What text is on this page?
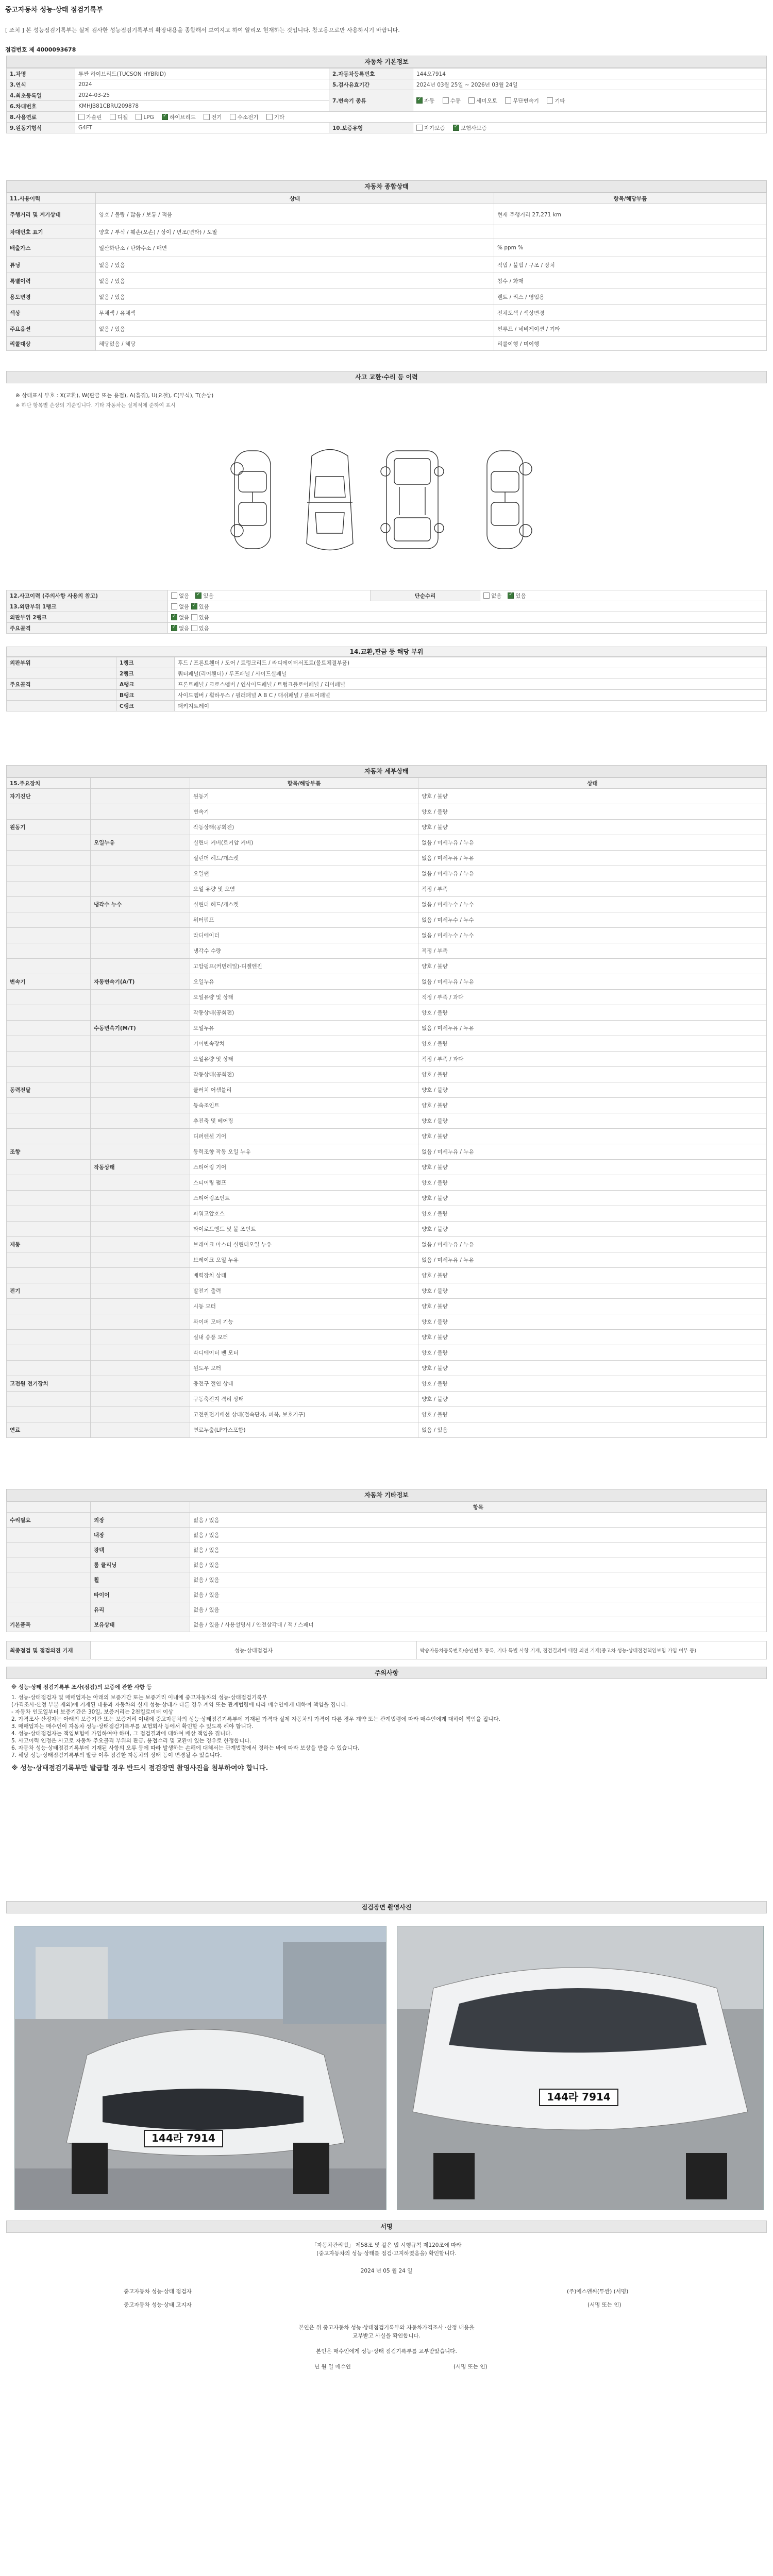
중고자동차 성능·상태 점검기록부
[ 조치 ] 본 성능점검기록부는 실제 검사한 성능점검기록부의 확장내용을 종합해서 보여지고 하여 알리오 현재하는 것입니다. 참고용으로만 사용하시기 바랍니다.
점검번호 제 4000093678
자동차 기본정보
1.차명	투싼 하이브리드(TUCSON HYBRID)	2.자동차등록번호	144오7914
3.연식	2024	5.검사유효기간	2024년 03월 25일 ~ 2026년 03월 24일
4.최초등록일	2024-03-25	7.변속기 종류	✓자동 수동 세미오토 무단변속기 기타
6.차대번호	KMHJB81CBRU209878		
8.사용연료	가솔린 디젤 LPG ✓ 하이브리드 전기 수소전기 기타
9.원동기형식	G4FT	10.보증유형	자가보증 ✓ 보험사보증
자동차 종합상태
11.사용이력	상태	항목/해당부품
주행거리 및 계기상태	양호 / 불량 / 많음 / 보통 / 적음	현재 주행거리 27,271 km
차대번호 표기	양호 / 부식 / 훼손(오손) / 상이 / 변조(변타) / 도말	
배출가스	일산화탄소 / 탄화수소 / 매연	% ppm %
튜닝	없음 / 있음	적법 / 불법 / 구조 / 장치
특별이력	없음 / 있음	침수 / 화재
용도변경	없음 / 있음	렌트 / 리스 / 영업용
색상	무채색 / 유채색	전체도색 / 색상변경
주요옵션	없음 / 있음	썬루프 / 네비게이션 / 기타
리콜대상	해당없음 / 해당	리콜이행 / 미이행
사고 교환·수리 등 이력
※ 상태표시 부호 : X(교환), W(판금 또는 용접), A(흠집), U(요철), C(부식), T(손상)
※ 하단 항목별 손상의 기준입니다. 기타 자동차는 실제적에 준하여 표시
12.사고이력 (주의사항 사용의 참고)	없음 ✓ 있음	단순수리	없음 ✓ 있음
13.외판부위 1랭크	없음 ✓있음
외판부위 2랭크	✓없음 있음
주요골격	✓없음 있음
14.교환,판금 등 해당 부위
외판부위	1랭크	후드 / 프론트휀더 / 도어 / 트렁크리드 / 라디에이터서포트(볼트체결부품)
	2랭크	쿼터패널(리어휀더) / 루프패널 / 사이드실패널
주요골격	A랭크	프론트패널 / 크로스멤버 / 인사이드패널 / 트렁크플로어패널 / 리어패널
	B랭크	사이드멤버 / 휠하우스 / 필러패널 A B C / 대쉬패널 / 플로어패널
	C랭크	패키지트레이
자동차 세부상태
15.주요장치		항목/해당부품	상태
자기진단		원동기	양호 / 불량
		변속기	양호 / 불량
원동기		작동상태(공회전)	양호 / 불량
	오일누유	실린더 커버(로커암 커버)	없음 / 미세누유 / 누유
		실린더 헤드/개스켓	없음 / 미세누유 / 누유
		오일팬	없음 / 미세누유 / 누유
		오일 유량 및 오염	적정 / 부족
	냉각수 누수	실린더 헤드/개스켓	없음 / 미세누수 / 누수
		워터펌프	없음 / 미세누수 / 누수
		라디에이터	없음 / 미세누수 / 누수
		냉각수 수량	적정 / 부족
		고압펌프(커먼레일)-디젤엔진	양호 / 불량
변속기	자동변속기(A/T)	오일누유	없음 / 미세누유 / 누유
		오일유량 및 상태	적정 / 부족 / 과다
		작동상태(공회전)	양호 / 불량
	수동변속기(M/T)	오일누유	없음 / 미세누유 / 누유
		기어변속장치	양호 / 불량
		오일유량 및 상태	적정 / 부족 / 과다
		작동상태(공회전)	양호 / 불량
동력전달		클러치 어셈블리	양호 / 불량
		등속조인트	양호 / 불량
		추진축 및 베어링	양호 / 불량
		디퍼렌셜 기어	양호 / 불량
조향		동력조향 작동 오일 누유	없음 / 미세누유 / 누유
	작동상태	스티어링 기어	양호 / 불량
		스티어링 펌프	양호 / 불량
		스티어링조인트	양호 / 불량
		파워고압호스	양호 / 불량
		타이로드엔드 및 볼 조인트	양호 / 불량
제동		브레이크 마스터 실린더오일 누유	없음 / 미세누유 / 누유
		브레이크 오일 누유	없음 / 미세누유 / 누유
		배력장치 상태	양호 / 불량
전기		발전기 출력	양호 / 불량
		시동 모터	양호 / 불량
		와이퍼 모터 기능	양호 / 불량
		실내 송풍 모터	양호 / 불량
		라디에이터 팬 모터	양호 / 불량
		윈도우 모터	양호 / 불량
고전원 전기장치		충전구 절연 상태	양호 / 불량
		구동축전지 격리 상태	양호 / 불량
		고전원전기배선 상태(접속단자, 피복, 보호기구)	양호 / 불량
연료		연료누출(LP가스포함)	없음 / 있음
자동차 기타정보
		항목
수리필요	외장	없음 / 있음
	내장	없음 / 있음
	광택	없음 / 있음
	룸 클리닝	없음 / 있음
	휠	없음 / 있음
	타이어	없음 / 있음
	유리	없음 / 있음
기본품목	보유상태	없음 / 있음 / 사용설명서 / 안전삼각대 / 잭 / 스패너
최종점검 및 점검의견 기재	성능·상태점검자	탁송자동차등록번호/승인번호 등록, 기타 특별 사항 기재, 점검결과에 대한 의견 기재(중고차 성능·상태점검책임보험 가입 여부 등)
주의사항
※ 성능·상태 점검기록부 조사(점검)의 보증에 관한 사항 등
1. 성능·상태점검자 및 매매업자는 아래의 보증기간 또는 보증거리 이내에 중고자동차의 성능·상태점검기록부
(가격조사·산정 부분 제외)에 기재된 내용과 자동차의 실제 성능·상태가 다른 경우 계약 또는 관계법령에 따라 매수인에게 대하여 책임을 집니다.
- 자동차 인도일부터 보증기간은 30일, 보증거리는 2천킬로미터 이상
2. 가격조사·산정자는 아래의 보증기간 또는 보증거리 이내에 중고자동차의 성능·상태점검기록부에 기재된 가격과 실제 자동차의 가격이 다른 경우 계약 또는 관계법령에 따라 매수인에게 대하여 책임을 집니다.
3. 매매업자는 매수인이 자동차 성능·상태점검기록부를 보험회사 등에서 확인할 수 있도록 해야 합니다.
4. 성능·상태점검자는 책임보험에 가입하여야 하며, 그 점검결과에 대하여 배상 책임을 집니다.
5. 사고이력 인정은 사고로 자동차 주요골격 부위의 판금, 용접수리 및 교환이 있는 경우로 한정합니다.
6. 자동차 성능·상태점검기록부에 기재된 사항의 오류 등에 따라 발생하는 손해에 대해서는 관계법령에서 정하는 바에 따라 보상을 받을 수 있습니다.
7. 해당 성능·상태점검기록부의 발급 이후 점검한 자동차의 상태 등이 변경될 수 있습니다.
※ 성능·상태점검기록부만 발급할 경우 반드시 점검장면 촬영사진을 첨부하여야 합니다.
점검장면 촬영사진
144라 7914
144라 7914
서명
「자동차관리법」 제58조 및 같은 법 시행규칙 제120조에 따라
(중고자동차의 성능·상태를 점검·고지하였음을) 확인합니다.
2024 년 05 월 24 일
중고자동차 성능·상태 점검자	(주)에스앤씨(투싼) (서명)
중고자동차 성능·상태 고지자	(서명 또는 인)
본인은 위 중고자동차 성능·상태점검기록부와 자동차가격조사 ·산정 내용을
교부받고 사실을 확인합니다.
본인은 매수인에게 성능·상태 점검기록부를 교부받았습니다.
년 월 일 매수인	(서명 또는 인)
